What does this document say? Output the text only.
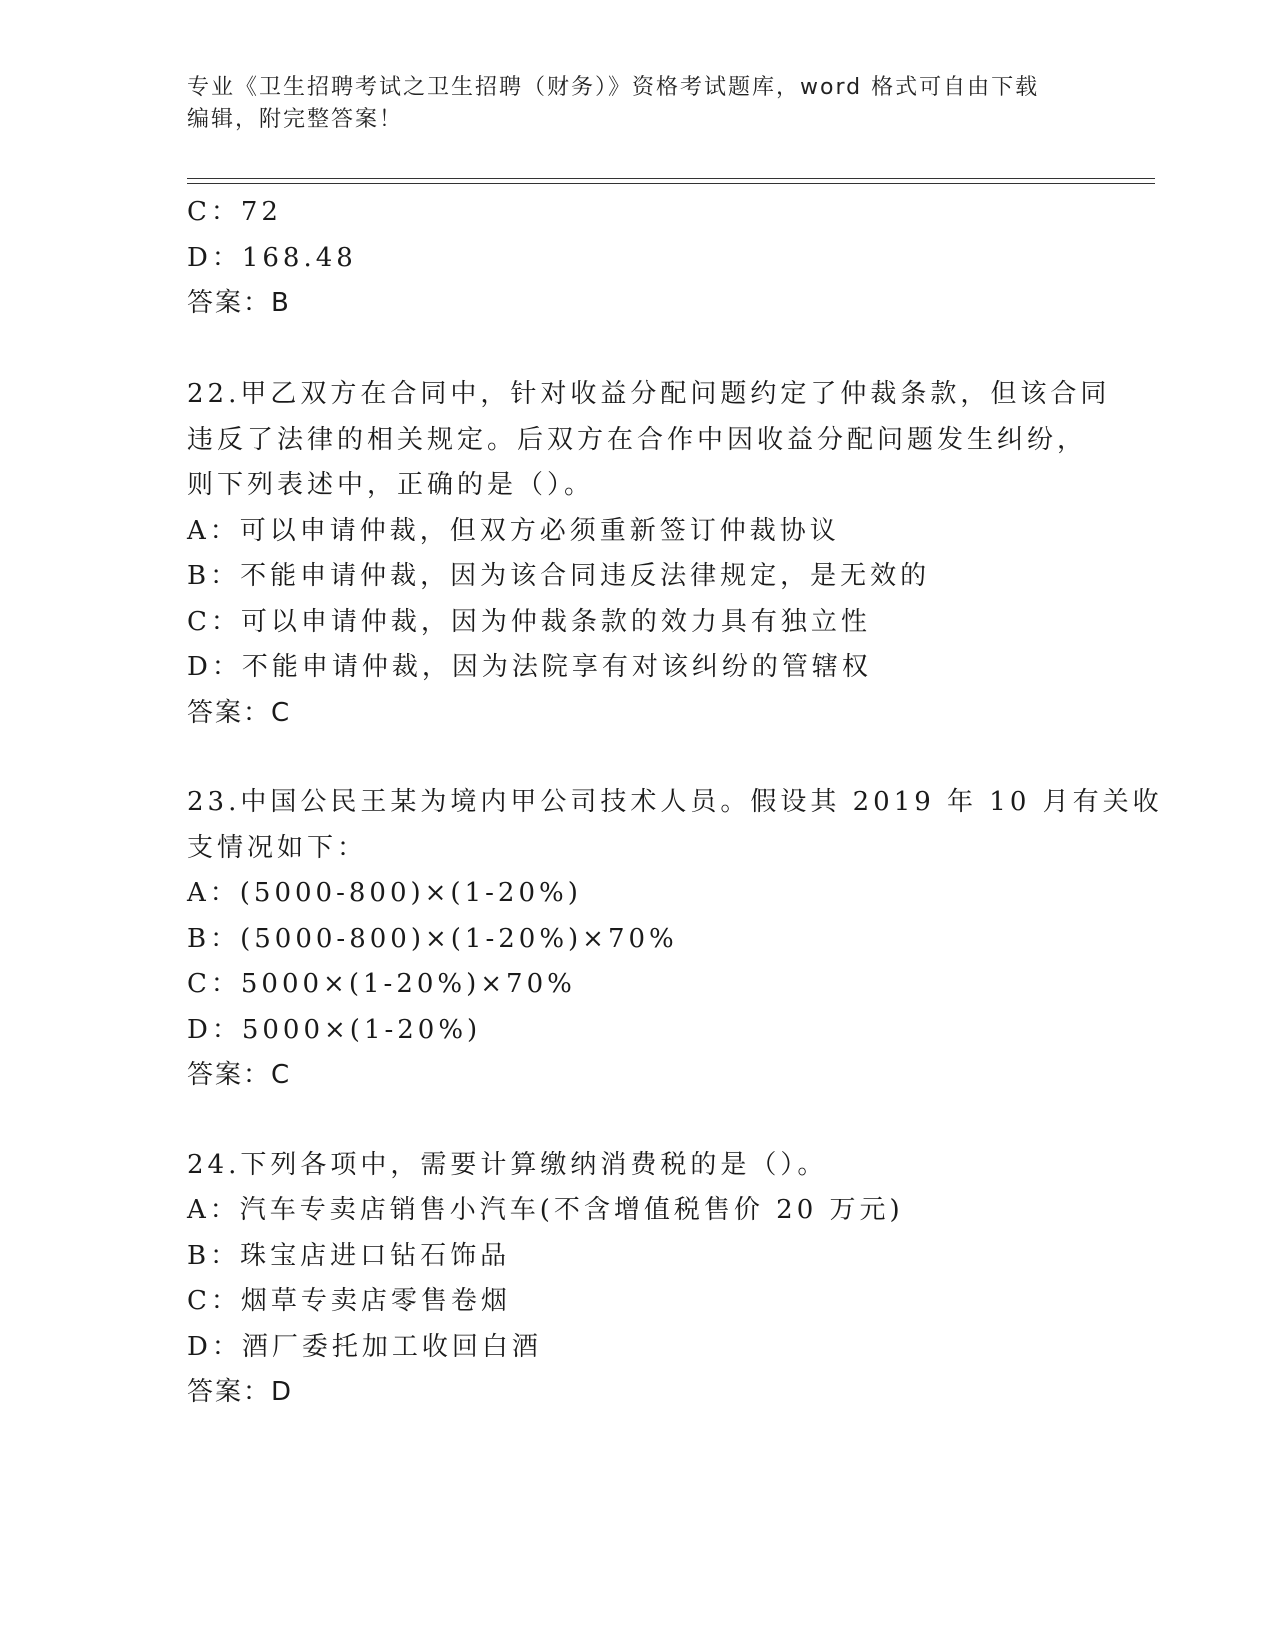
专业《卫生招聘考试之卫生招聘（财务）》资格考试题库，word 格式可自由下载
编辑，附完整答案！
C：72
D：168.48
答案：B
22.甲乙双方在合同中，针对收益分配问题约定了仲裁条款，但该合同
违反了法律的相关规定。后双方在合作中因收益分配问题发生纠纷，
则下列表述中，正确的是（）。
A：可以申请仲裁，但双方必须重新签订仲裁协议
B：不能申请仲裁，因为该合同违反法律规定，是无效的
C：可以申请仲裁，因为仲裁条款的效力具有独立性
D：不能申请仲裁，因为法院享有对该纠纷的管辖权
答案：C
23.中国公民王某为境内甲公司技术人员。假设其 2019 年 10 月有关收
支情况如下：
A：(5000-800)×(1-20%)
B：(5000-800)×(1-20%)×70%
C：5000×(1-20%)×70%
D：5000×(1-20%)
答案：C
24.下列各项中，需要计算缴纳消费税的是（）。
A：汽车专卖店销售小汽车(不含增值税售价 20 万元)
B：珠宝店进口钻石饰品
C：烟草专卖店零售卷烟
D：酒厂委托加工收回白酒
答案：D
